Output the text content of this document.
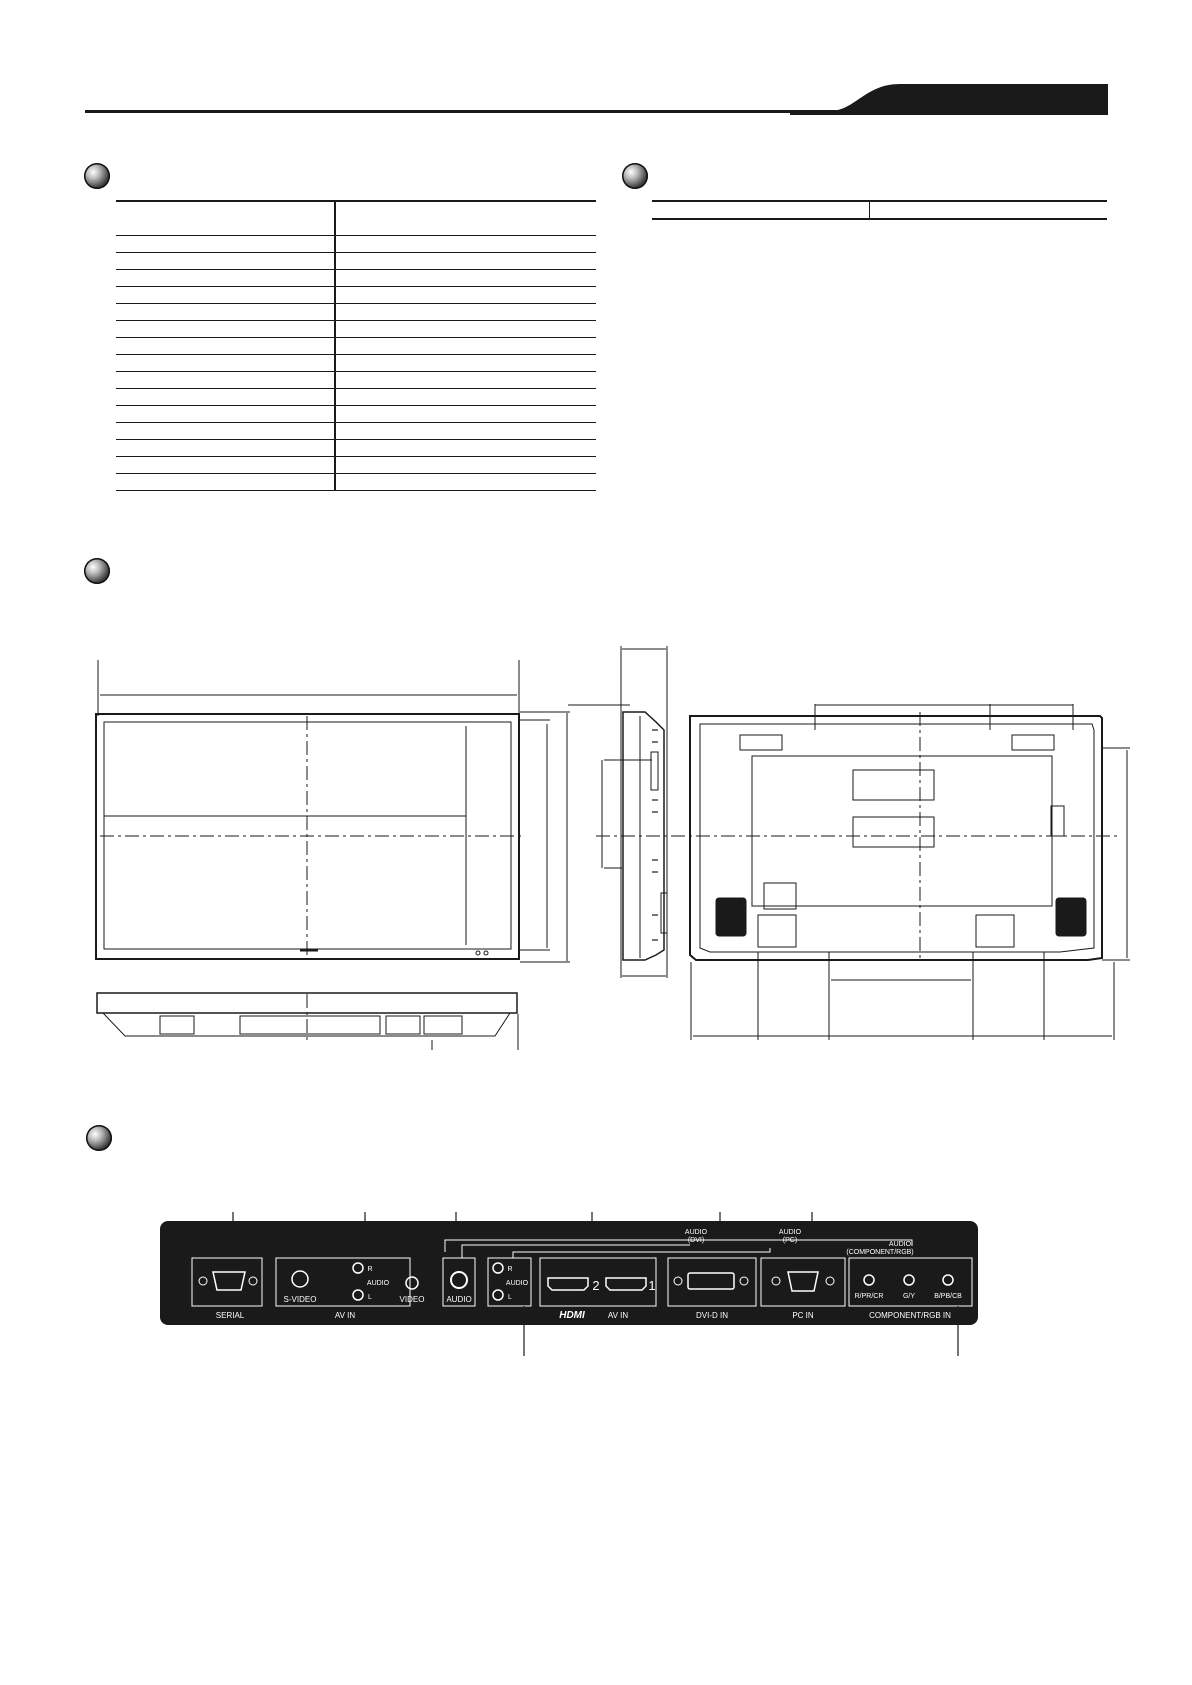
SERIAL
S-VIDEO
R
AUDIO
L	VIDEO
AV IN
AUDIO
R
AUDIO
L
2	1
HDMI	AV IN	DVI-D IN
AUDIO
(DVI)
PC IN
AUDIO
(PC)
R/PR/CR	G/Y	B/PB/CB
COMPONENT/RGB IN
AUDIO
(COMPONENT/RGB)
